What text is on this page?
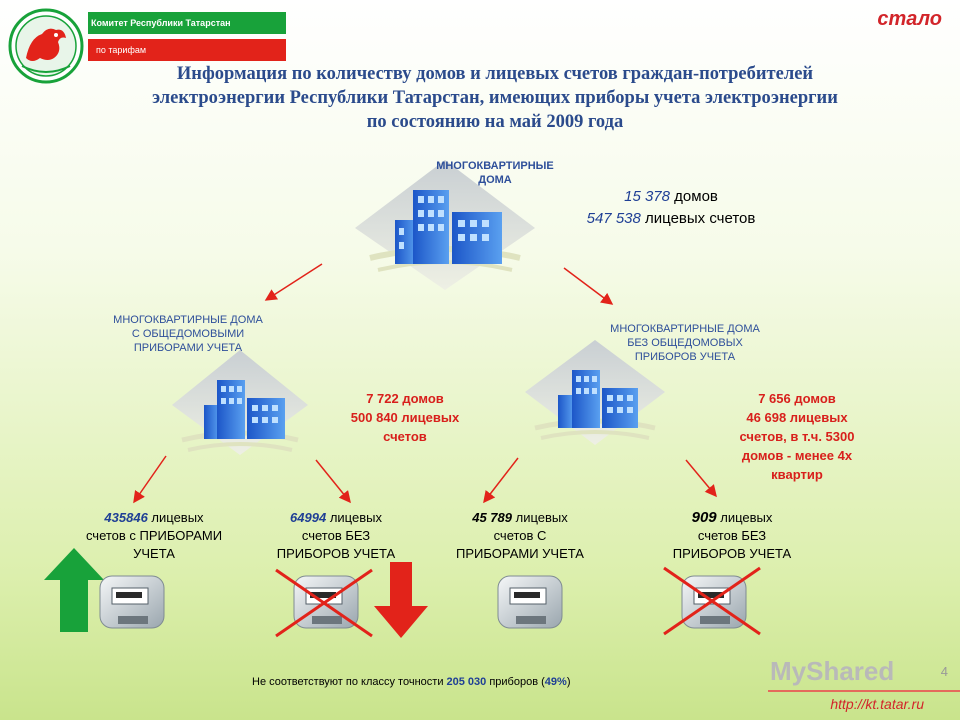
Комитет Республики Татарстан
по тарифам
стало
Информация по количеству домов и лицевых счетов граждан-потребителей
электроэнергии Республики Татарстан, имеющих приборы учета электроэнергии
по состоянию на май 2009 года
МНОГОКВАРТИРНЫЕ
ДОМА
15 378 домов
547 538 лицевых счетов
МНОГОКВАРТИРНЫЕ ДОМА
С ОБЩЕДОМОВЫМИ
ПРИБОРАМИ УЧЕТА
7 722 домов
500 840 лицевых
счетов
МНОГОКВАРТИРНЫЕ ДОМА
БЕЗ ОБЩЕДОМОВЫХ
ПРИБОРОВ УЧЕТА
7 656 домов
46 698 лицевых
счетов, в т.ч. 5300
домов - менее 4х
квартир
435846 лицевых
счетов с ПРИБОРАМИ
УЧЕТА
64994 лицевых
счетов БЕЗ
ПРИБОРОВ УЧЕТА
45 789 лицевых
счетов С
ПРИБОРАМИ УЧЕТА
909 лицевых
счетов БЕЗ
ПРИБОРОВ УЧЕТА
Не соответствуют по классу точности 205 030 приборов (49%)	MyShared	4
http://kt.tatar.ru
